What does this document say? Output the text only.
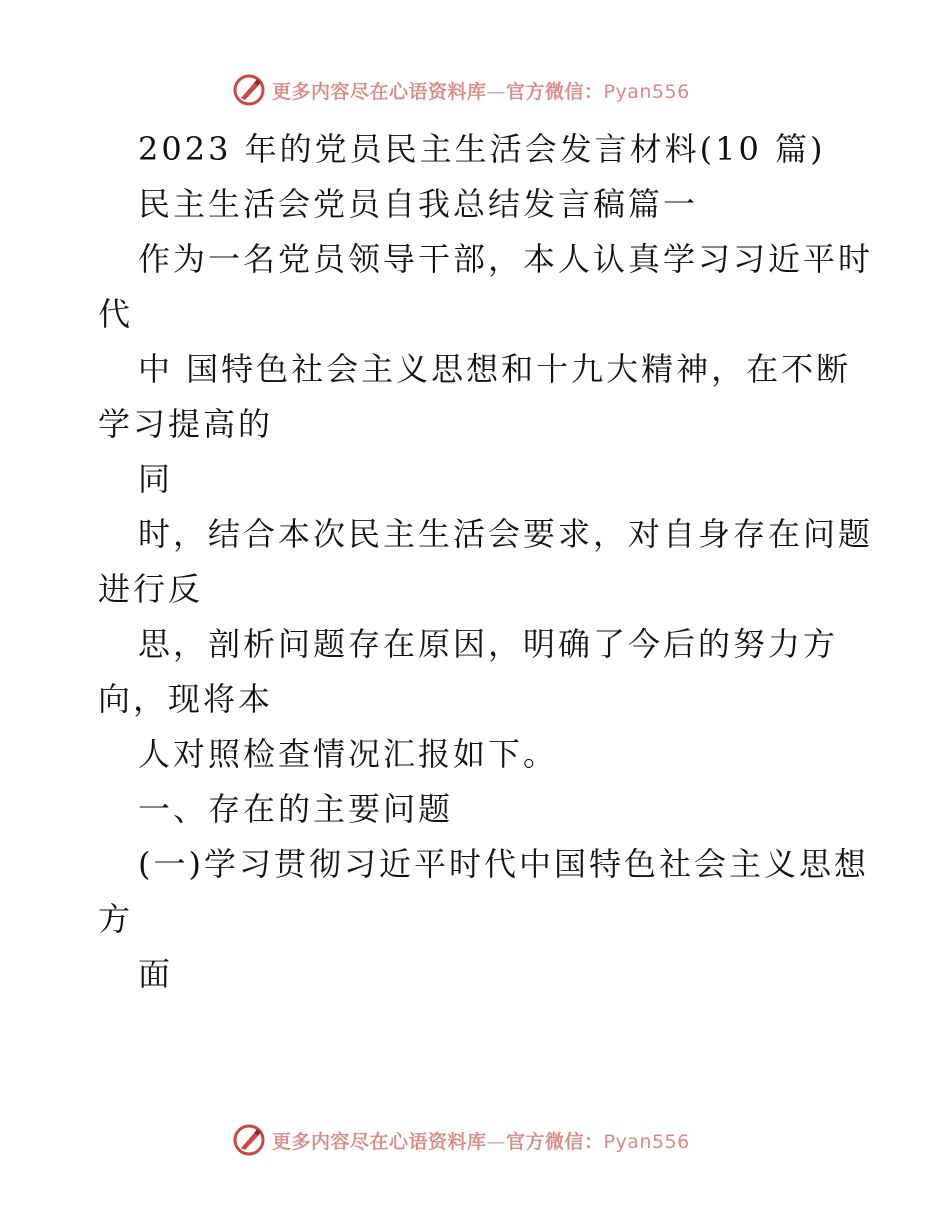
更多内容尽在心语资料库—官方微信：Pyan556

2023 年的党员民主生活会发言材料(10 篇)

民主生活会党员自我总结发言稿篇一

作为一名党员领导干部，本人认真学习习近平时

代

中 国特色社会主义思想和十九大精神，在不断

学习提高的

同

时，结合本次民主生活会要求，对自身存在问题

进行反

思，剖析问题存在原因，明确了今后的努力方

向，现将本

人对照检查情况汇报如下。

一、存在的主要问题

(一)学习贯彻习近平时代中国特色社会主义思想

方

面

更多内容尽在心语资料库—官方微信：Pyan556
